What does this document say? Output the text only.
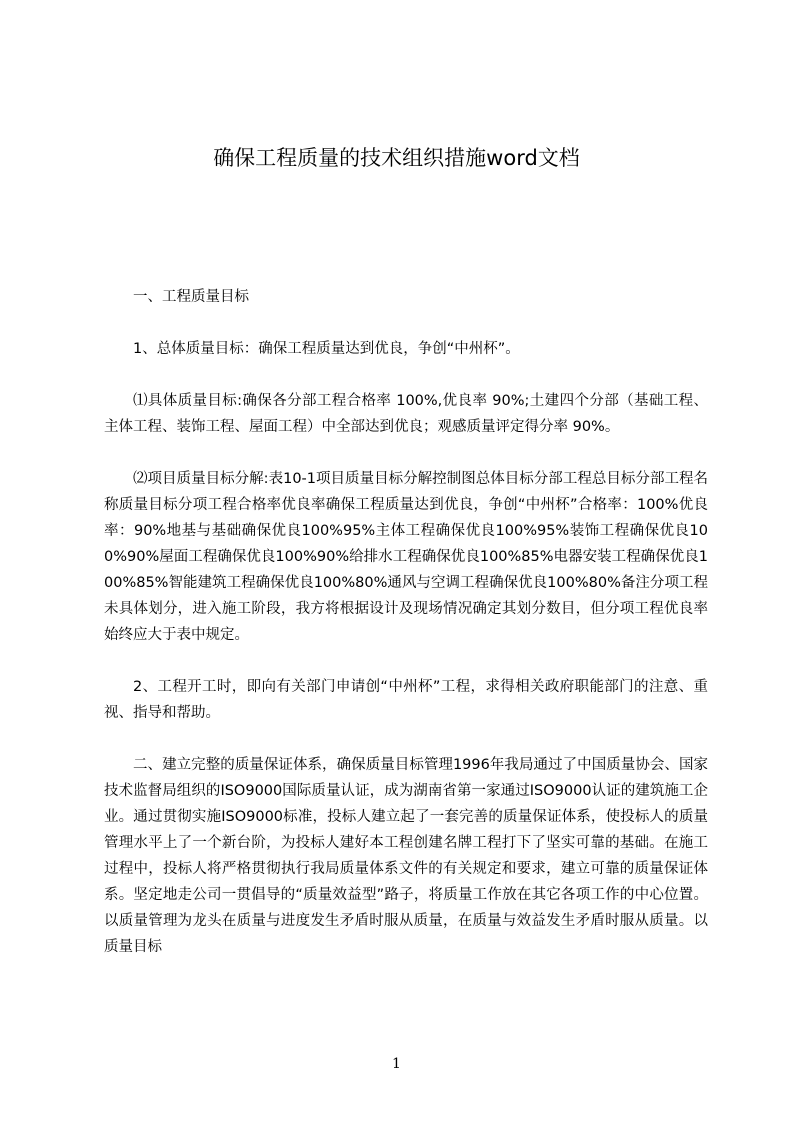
确保工程质量的技术组织措施word文档

一、工程质量目标

1、总体质量目标：确保工程质量达到优良，争创“中州杯”。

⑴具体质量目标:确保各分部工程合格率 100%,优良率 90%;土建四个分部（基础工程、主体工程、装饰工程、屋面工程）中全部达到优良；观感质量评定得分率 90%。

⑵项目质量目标分解:表10-1项目质量目标分解控制图总体目标分部工程总目标分部工程名称质量目标分项工程合格率优良率确保工程质量达到优良，争创“中州杯”合格率：100%优良率：90%地基与基础确保优良100%95%主体工程确保优良100%95%装饰工程确保优良100%90%屋面工程确保优良100%90%给排水工程确保优良100%85%电器安装工程确保优良100%85%智能建筑工程确保优良100%80%通风与空调工程确保优良100%80%备注分项工程未具体划分，进入施工阶段，我方将根据设计及现场情况确定其划分数目，但分项工程优良率始终应大于表中规定。

2、工程开工时，即向有关部门申请创“中州杯”工程，求得相关政府职能部门的注意、重视、指导和帮助。

二、建立完整的质量保证体系，确保质量目标管理1996年我局通过了中国质量协会、国家技术监督局组织的ISO9000国际质量认证，成为湖南省第一家通过ISO9000认证的建筑施工企业。通过贯彻实施ISO9000标准，投标人建立起了一套完善的质量保证体系，使投标人的质量管理水平上了一个新台阶，为投标人建好本工程创建名牌工程打下了坚实可靠的基础。在施工过程中，投标人将严格贯彻执行我局质量体系文件的有关规定和要求，建立可靠的质量保证体系。坚定地走公司一贯倡导的“质量效益型”路子，将质量工作放在其它各项工作的中心位置。以质量管理为龙头在质量与进度发生矛盾时服从质量，在质量与效益发生矛盾时服从质量。以质量目标

1
